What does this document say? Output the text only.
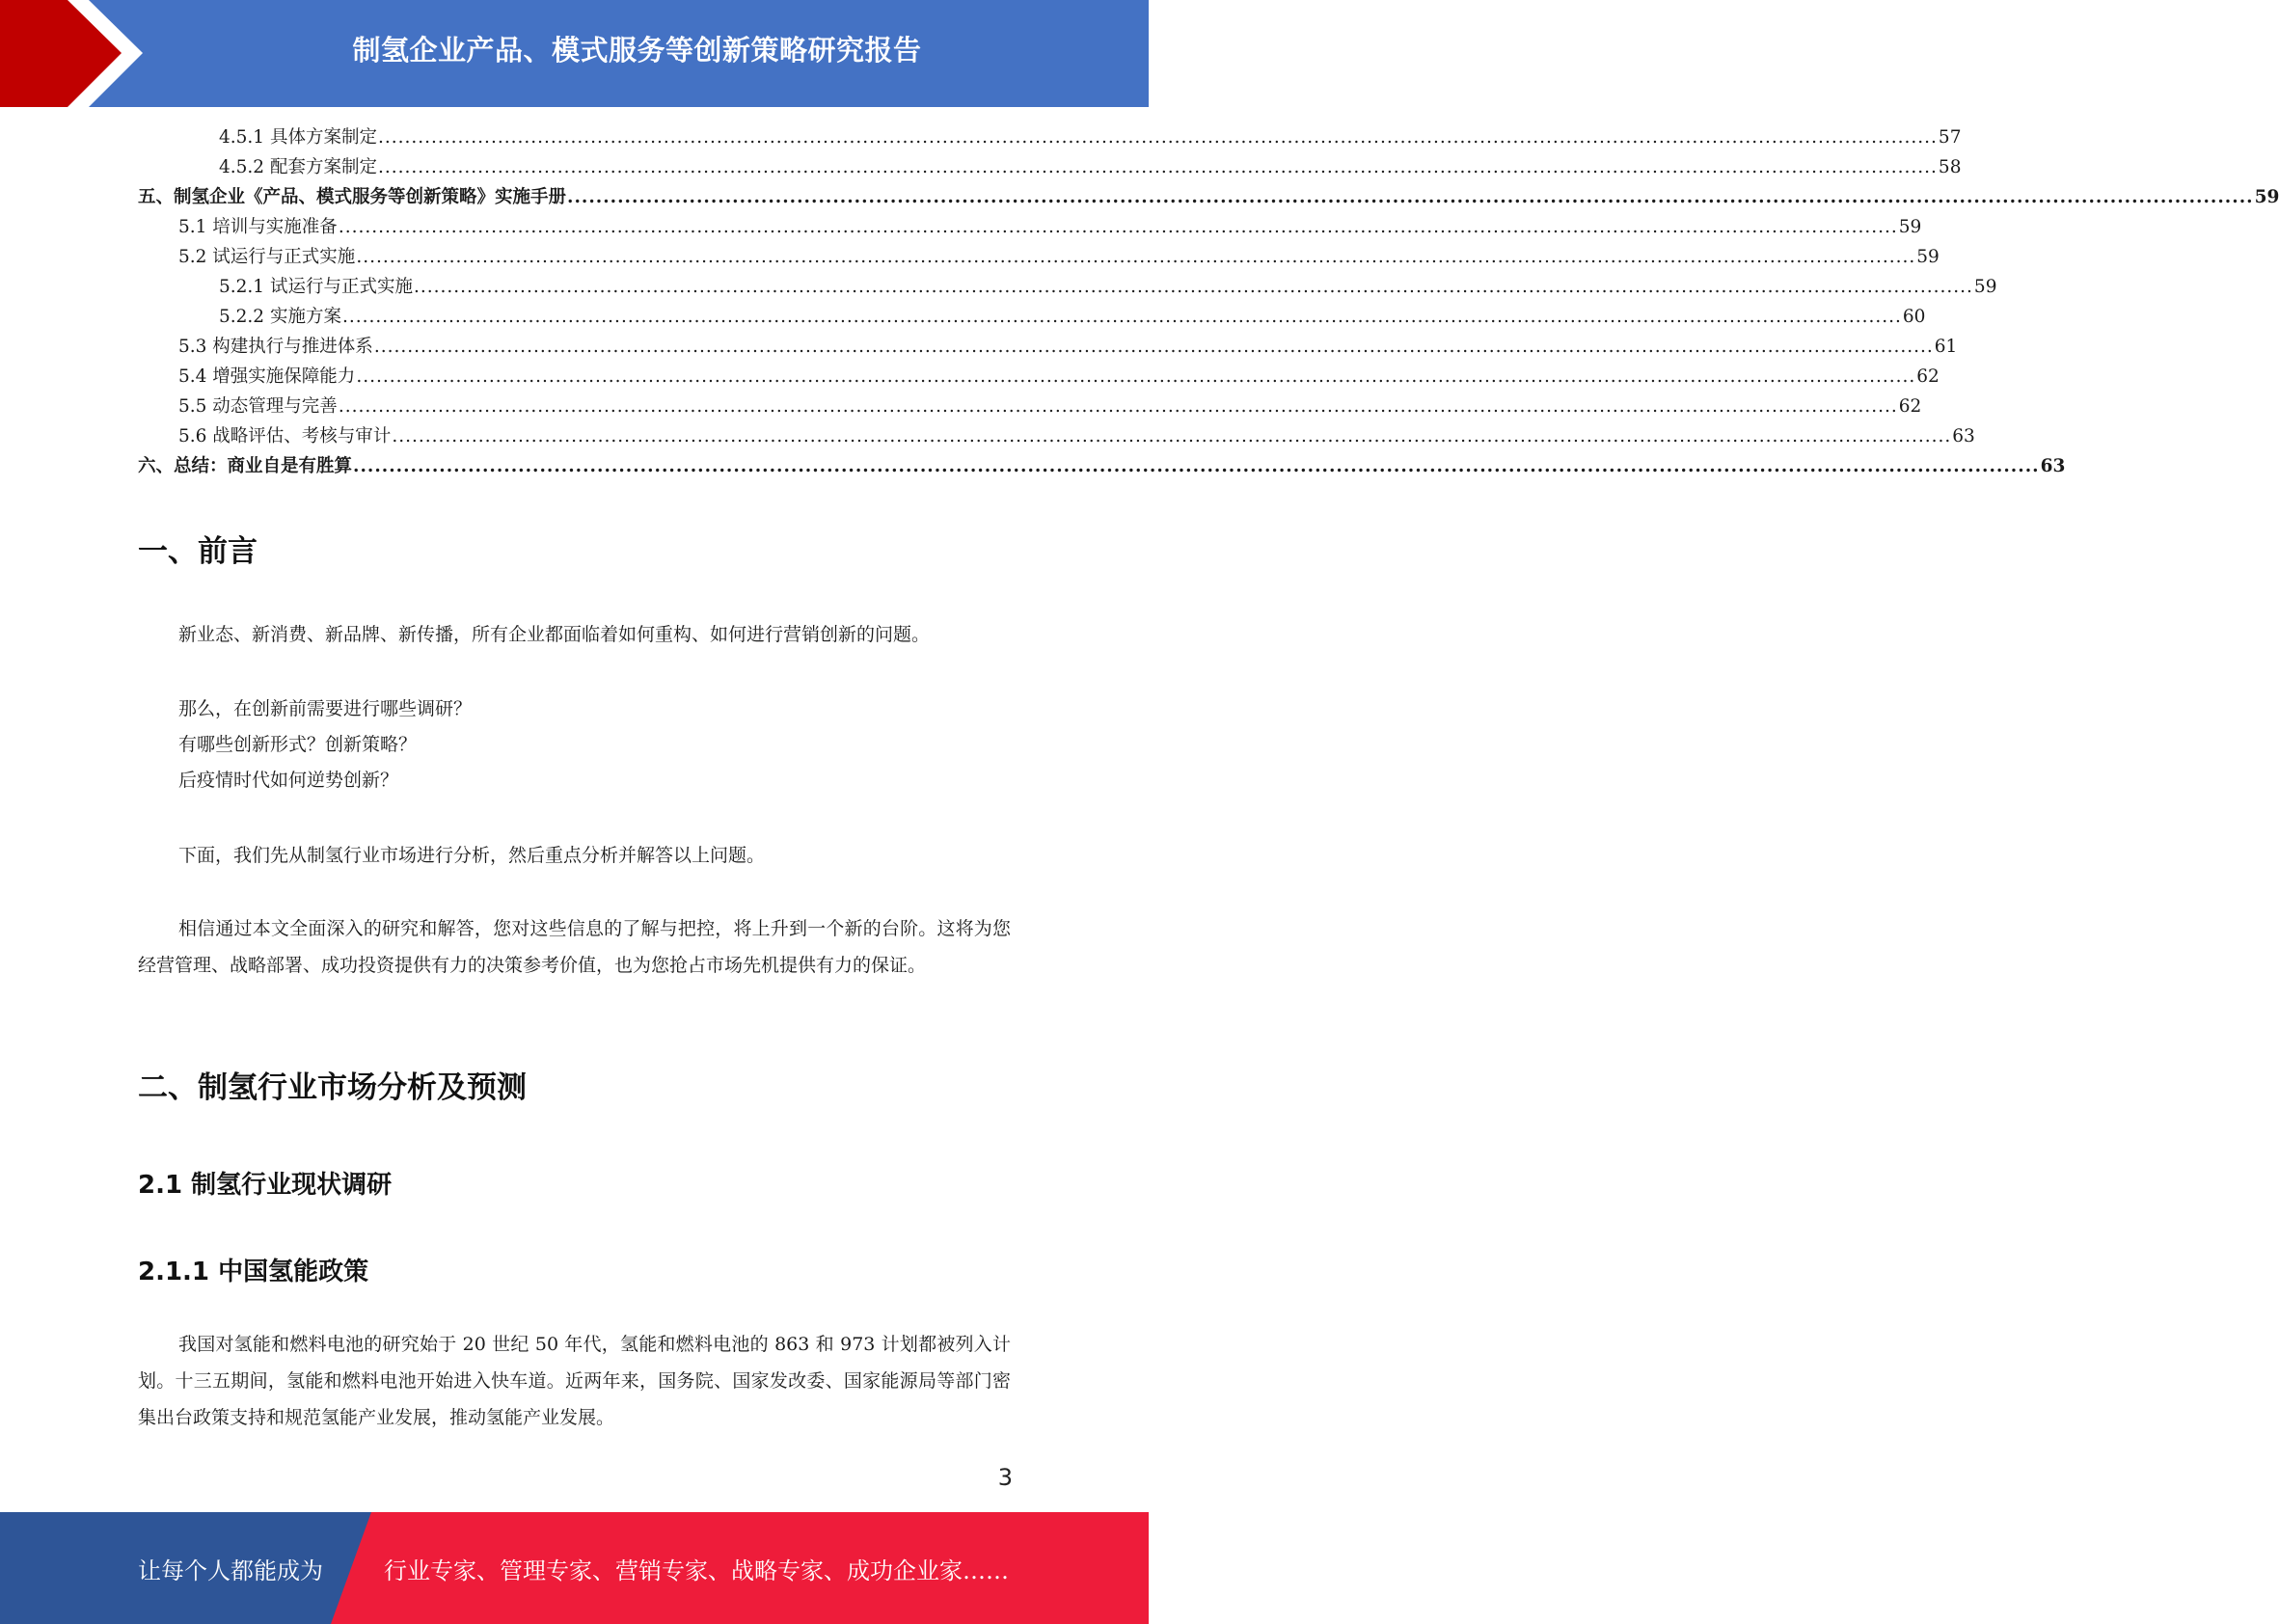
制氢企业产品、模式服务等创新策略研究报告
4.5.1 具体方案制定 ........................................................................................................................................................................................................................................... 57
4.5.2 配套方案制定 ........................................................................................................................................................................................................................................... 58
五、制氢企业《产品、模式服务等创新策略》实施手册 ........................................................................................................................................................................................................................................... 59
5.1 培训与实施准备 ........................................................................................................................................................................................................................................... 59
5.2 试运行与正式实施 ........................................................................................................................................................................................................................................... 59
5.2.1 试运行与正式实施 ........................................................................................................................................................................................................................................... 59
5.2.2 实施方案 ........................................................................................................................................................................................................................................... 60
5.3 构建执行与推进体系 ........................................................................................................................................................................................................................................... 61
5.4 增强实施保障能力 ........................................................................................................................................................................................................................................... 62
5.5 动态管理与完善 ........................................................................................................................................................................................................................................... 62
5.6 战略评估、考核与审计 ........................................................................................................................................................................................................................................... 63
六、总结：商业自是有胜算 ........................................................................................................................................................................................................................................... 63
一、前言

新业态、新消费、新品牌、新传播，所有企业都面临着如何重构、如何进行营销创新的问题。

那么，在创新前需要进行哪些调研？

有哪些创新形式？创新策略？

后疫情时代如何逆势创新？

下面，我们先从制氢行业市场进行分析，然后重点分析并解答以上问题。

相信通过本文全面深入的研究和解答，您对这些信息的了解与把控，将上升到一个新的台阶。这将为您经营管理、战略部署、成功投资提供有力的决策参考价值，也为您抢占市场先机提供有力的保证。

二、制氢行业市场分析及预测
2.1 制氢行业现状调研
2.1.1 中国氢能政策

我国对氢能和燃料电池的研究始于 20 世纪 50 年代，氢能和燃料电池的 863 和 973 计划都被列入计划。十三五期间，氢能和燃料电池开始进入快车道。近两年来，国务院、国家发改委、国家能源局等部门密集出台政策支持和规范氢能产业发展，推动氢能产业发展。

3
让每个人都能成为	行业专家、管理专家、营销专家、战略专家、成功企业家……
